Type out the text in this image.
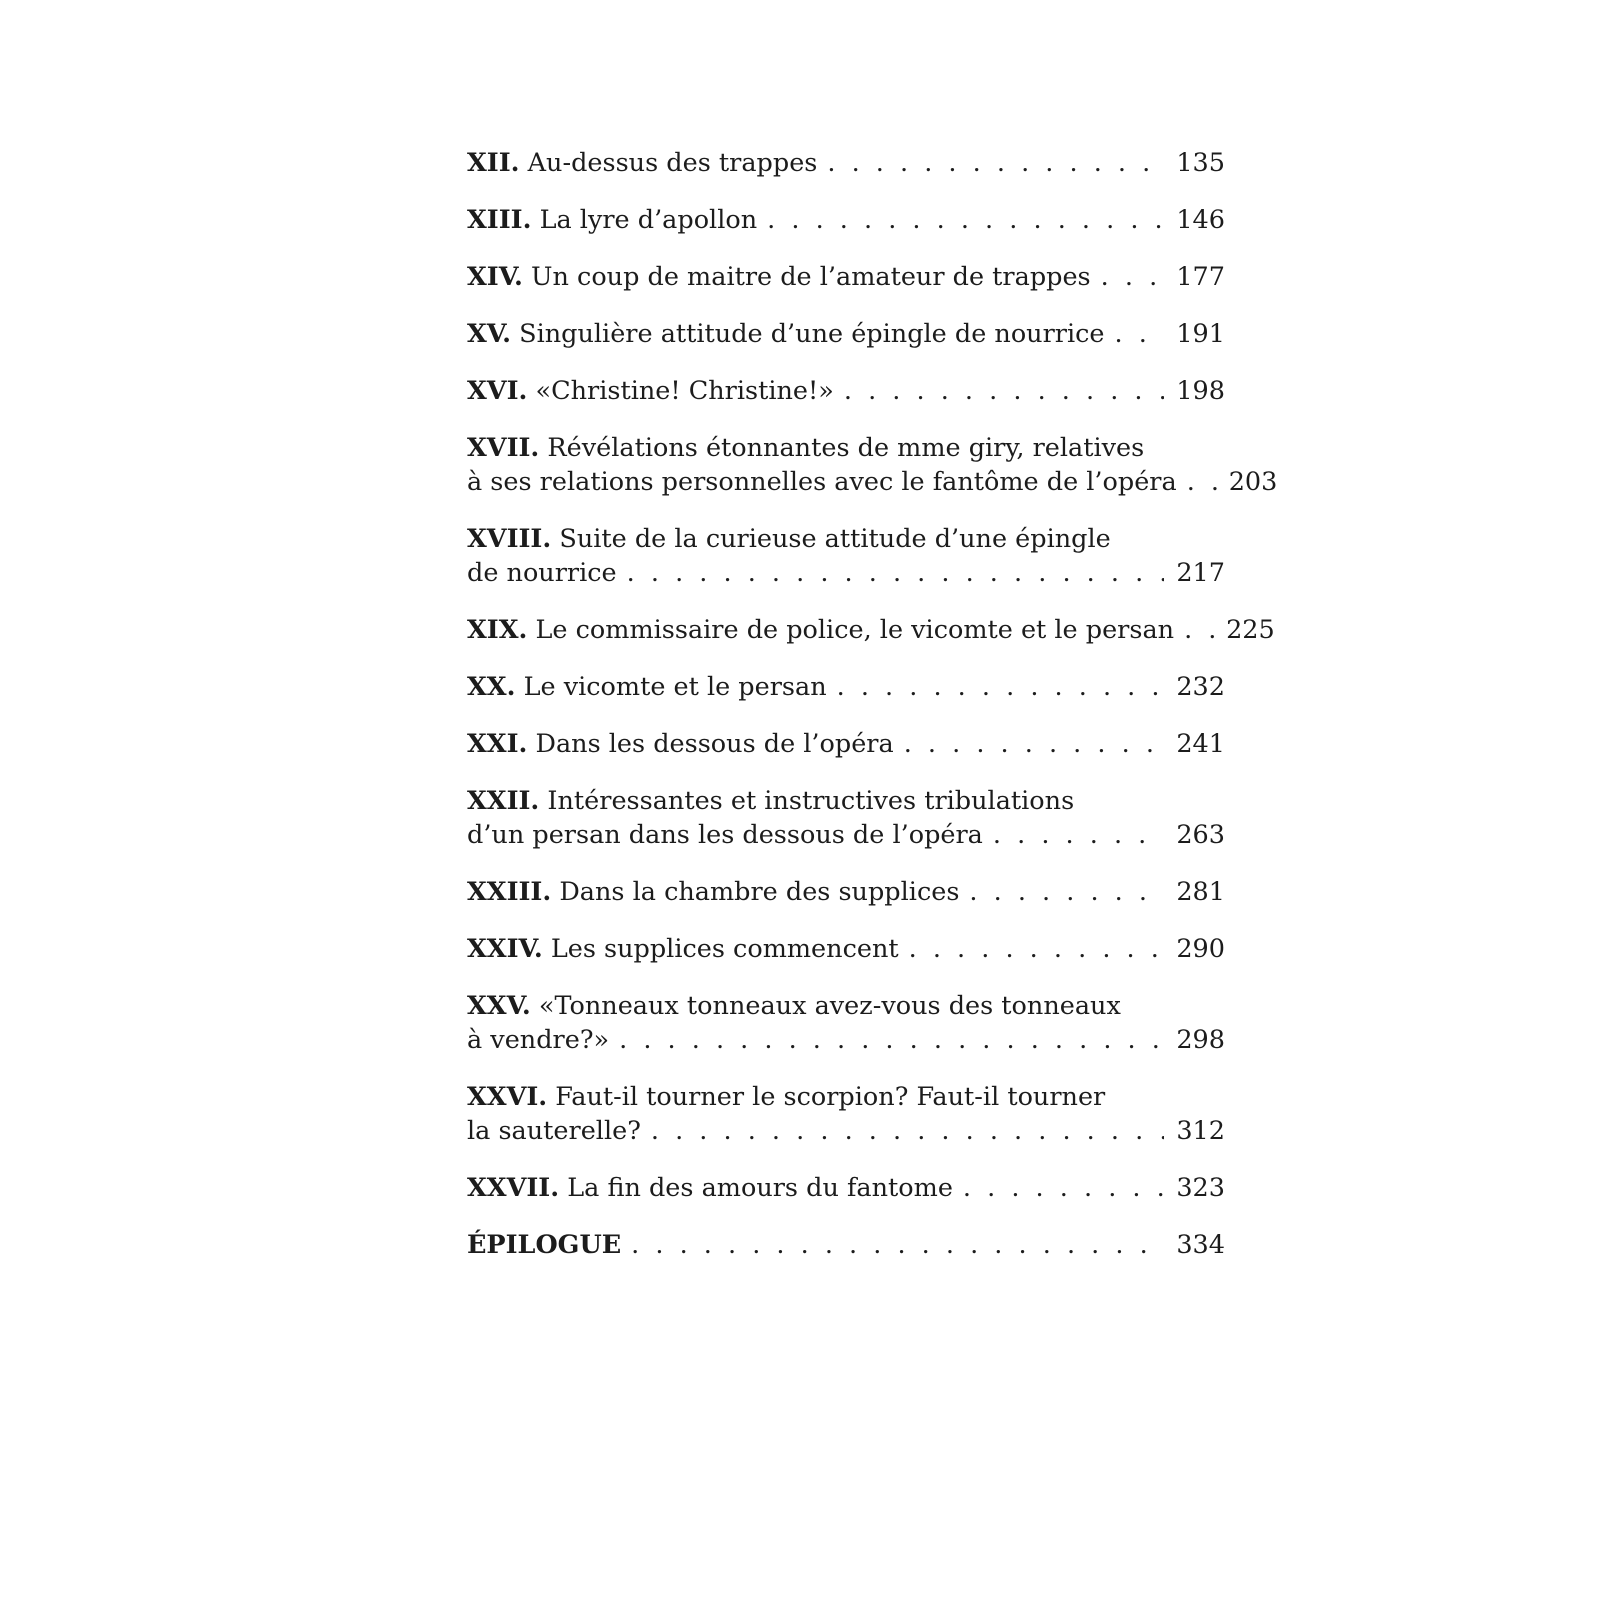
XII.
Au-dessus des trappes . . .	135
XIII.
La lyre d’apollon . . .	146
XIV.
Un coup de maitre de l’amateur de trappes . . .	177
XV.
Singulière attitude d’une épingle de nourrice . . .	191
XVI.
«Christine! Christine!» . . .	198
XVII. Révélations étonnantes de mme giry, relatives
à ses relations personnelles avec le fantôme de l’opéra . . . 203
XVIII. Suite de la curieuse attitude d’une épingle
de nourrice . . .	217
XIX.
Le commissaire de police, le vicomte et le persan . . . 225
XX.
Le vicomte et le persan . . .	232
XXI.
Dans les dessous de l’opéra . . .	241
XXII. Intéressantes et instructives tribulations
d’un persan dans les dessous de l’opéra . . .	263
XXIII.
Dans la chambre des supplices . . .	281
XXIV.
Les supplices commencent . . .	290
XXV. «Tonneaux tonneaux avez-vous des tonneaux
à vendre?» . . .	298
XXVI. Faut-il tourner le scorpion? Faut-il tourner
la sauterelle? . . .	312
XXVII.
La fin des amours du fantome . . .	323
ÉPILOGUE . . .	334
